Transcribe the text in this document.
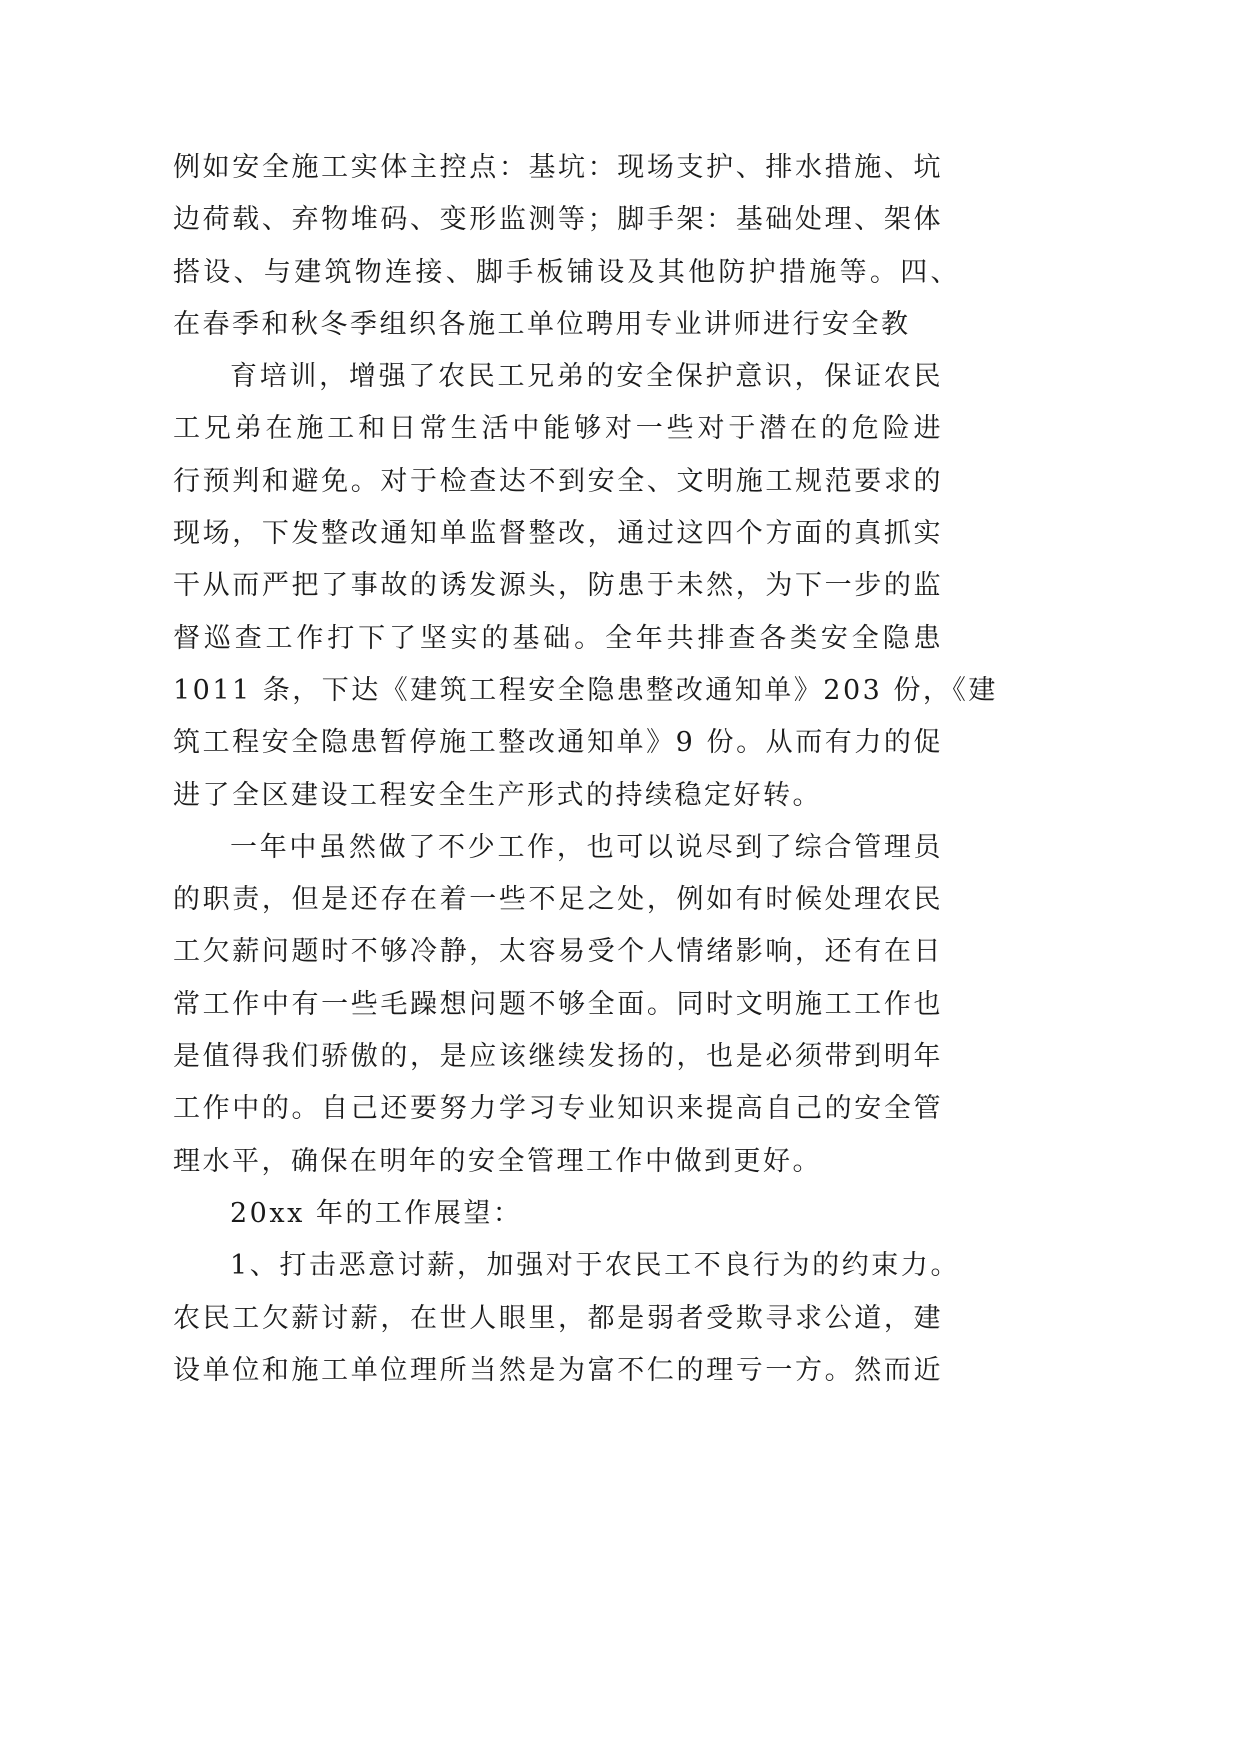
例如安全施工实体主控点：基坑：现场支护、排水措施、坑
边荷载、弃物堆码、变形监测等；脚手架：基础处理、架体
搭设、与建筑物连接、脚手板铺设及其他防护措施等。四、
在春季和秋冬季组织各施工单位聘用专业讲师进行安全教
育培训，增强了农民工兄弟的安全保护意识，保证农民
工兄弟在施工和日常生活中能够对一些对于潜在的危险进
行预判和避免。对于检查达不到安全、文明施工规范要求的
现场，下发整改通知单监督整改，通过这四个方面的真抓实
干从而严把了事故的诱发源头，防患于未然，为下一步的监
督巡查工作打下了坚实的基础。全年共排查各类安全隐患
1011 条，下达《建筑工程安全隐患整改通知单》203 份，《建
筑工程安全隐患暂停施工整改通知单》9 份。从而有力的促
进了全区建设工程安全生产形式的持续稳定好转。
一年中虽然做了不少工作，也可以说尽到了综合管理员
的职责，但是还存在着一些不足之处，例如有时候处理农民
工欠薪问题时不够冷静，太容易受个人情绪影响，还有在日
常工作中有一些毛躁想问题不够全面。同时文明施工工作也
是值得我们骄傲的，是应该继续发扬的，也是必须带到明年
工作中的。自己还要努力学习专业知识来提高自己的安全管
理水平，确保在明年的安全管理工作中做到更好。
20xx 年的工作展望：
1、打击恶意讨薪，加强对于农民工不良行为的约束力。
农民工欠薪讨薪，在世人眼里，都是弱者受欺寻求公道，建
设单位和施工单位理所当然是为富不仁的理亏一方。然而近
